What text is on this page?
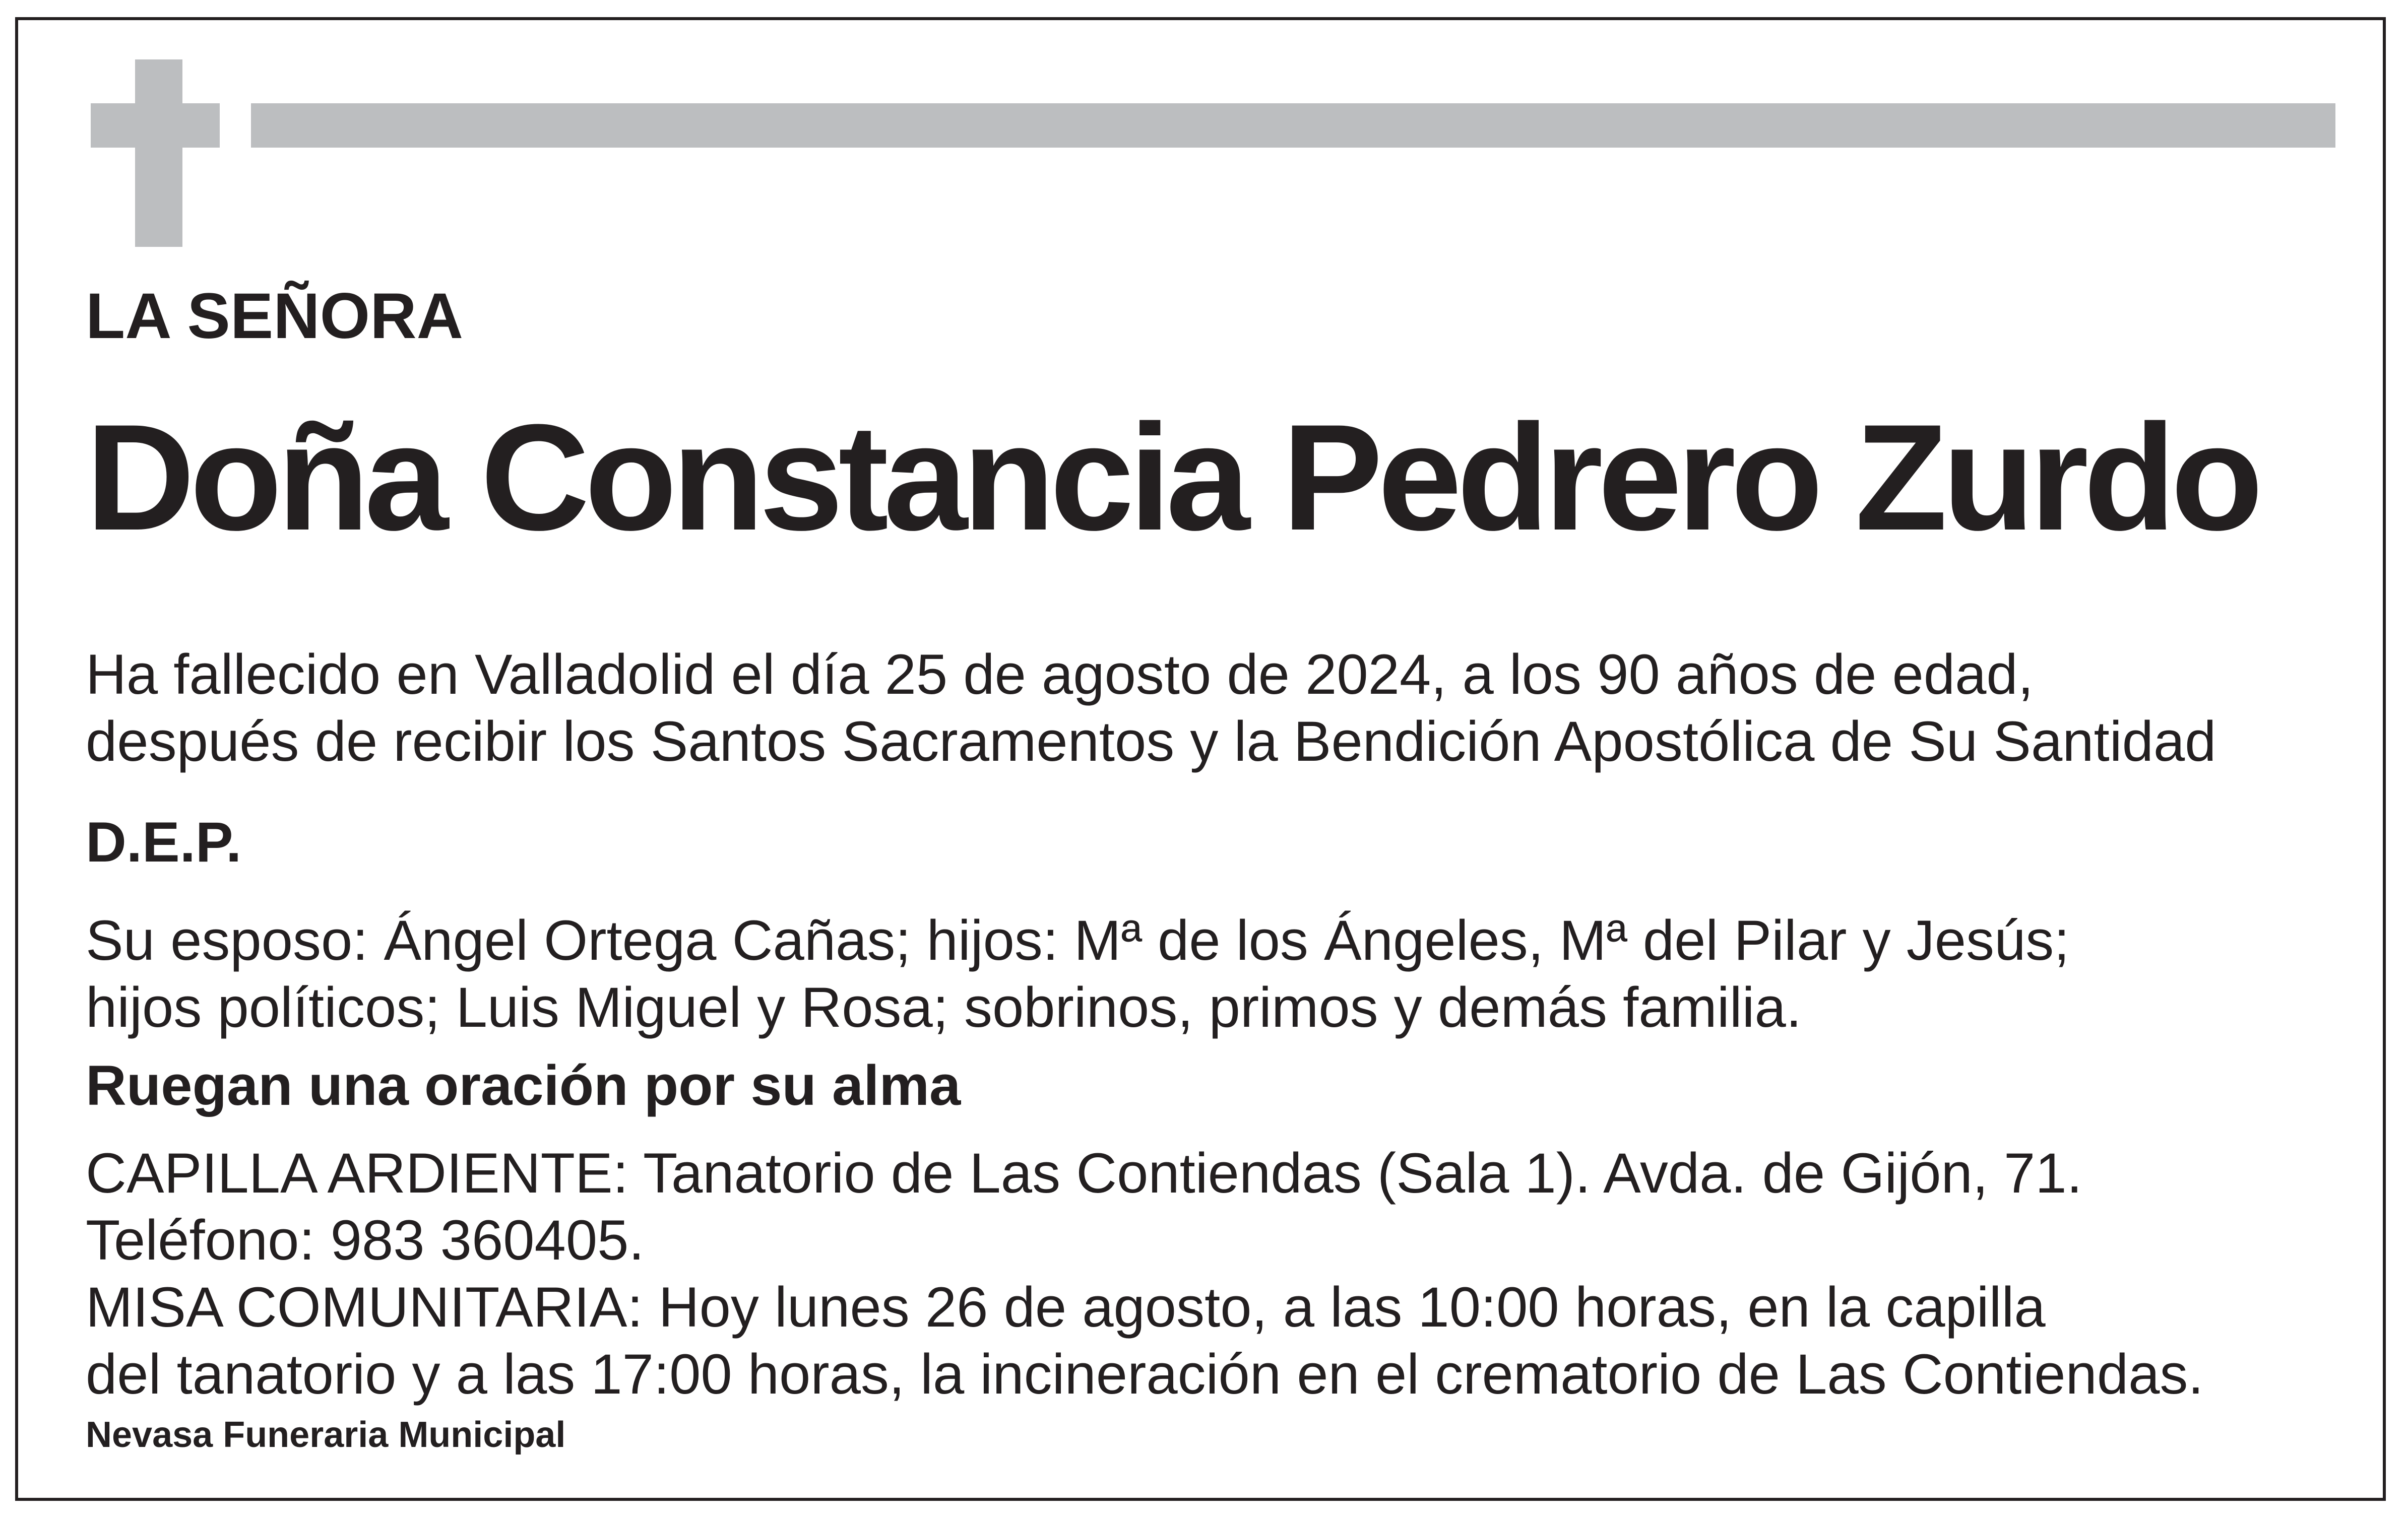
LA SEÑORA

Doña Constancia Pedrero Zurdo

Ha fallecido en Valladolid el día 25 de agosto de 2024, a los 90 años de edad,
después de recibir los Santos Sacramentos y la Bendición Apostólica de Su Santidad

D.E.P.

Su esposo: Ángel Ortega Cañas; hijos: Mª de los Ángeles, Mª del Pilar y Jesús;
hijos políticos; Luis Miguel y Rosa; sobrinos, primos y demás familia.

Ruegan una oración por su alma

CAPILLA ARDIENTE: Tanatorio de Las Contiendas (Sala 1). Avda. de Gijón, 71.
Teléfono: 983 360405.
MISA COMUNITARIA: Hoy lunes 26 de agosto, a las 10:00 horas, en la capilla
del tanatorio y a las 17:00 horas, la incineración en el crematorio de Las Contiendas.

Nevasa Funeraria Municipal
